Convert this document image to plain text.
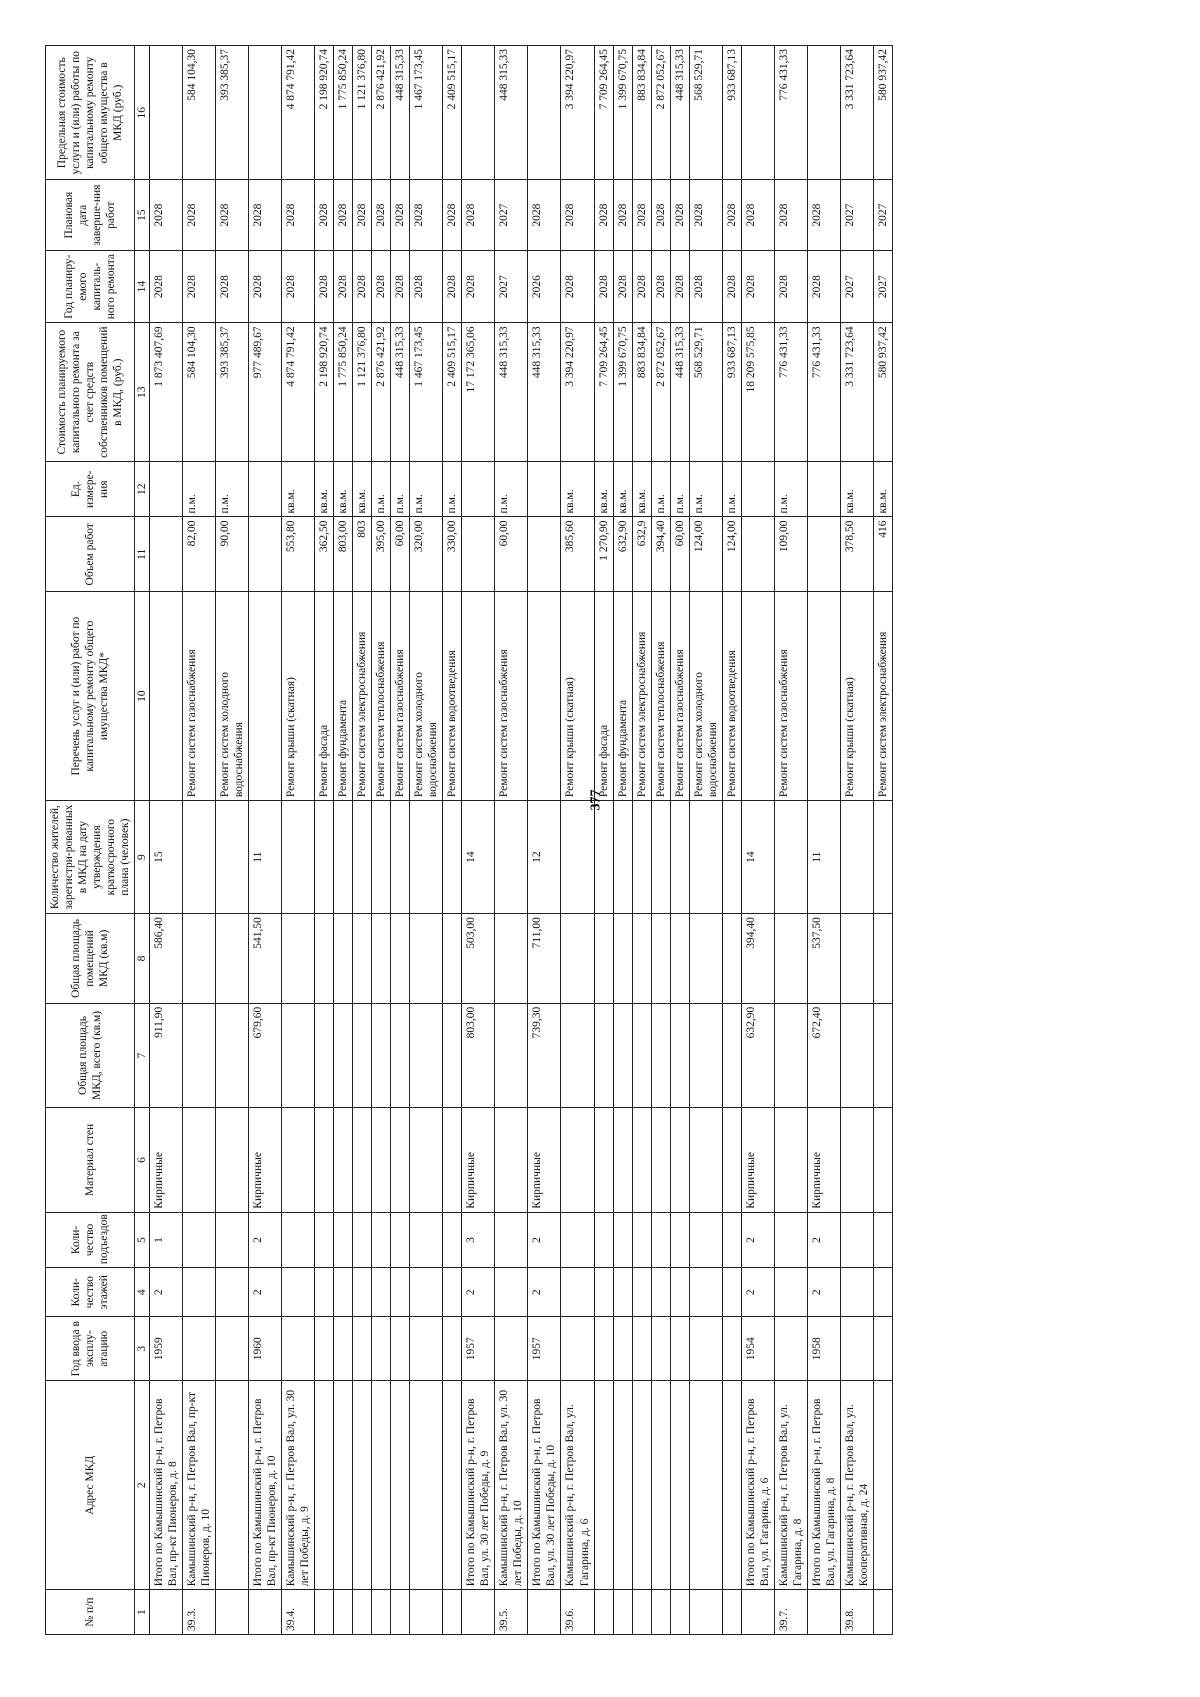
№ п/п	Адрес МКД	Год ввода в эксплу-атацию	Коли-чество этажей	Коли-чество подъездов	Материал стен	Общая площадь МКД, всего (кв.м)	Общая площадь помещений МКД (кв.м)	Количество жителей, зарегистри-рованных в МКД на дату утверждения краткосрочного плана (человек)	Перечень услуг и (или) работ по капитальному ремонту общего имущества МКД*	Объем работ	Ед. измере-ния	Стоимость планируемого капитального ремонта за счет средств собственников помещений в МКД, (руб.)	Год планиру-емого капиталь-ного ремонта	Плановая дата заверше-ния работ	Предельная стоимость услуги и (или) работы по капитальному ремонту общего имущества в МКД (руб.)
1	2	3	4	5	6	7	8	9	10	11	12	13	14	15	16
	Итого по Камышинский р-н, г. Петров Вал, пр-кт Пионеров, д. 8	1959	2	1	Кирпичные	911,90	586,40	15				1 873 407,69	2028	2028	
39.3.	Камышинский р-н, г. Петров Вал, пр-кт Пионеров, д. 10								Ремонт систем газоснабжения	82,00	п.м.	584 104,30	2028	2028	584 104,30
									Ремонт систем холодного водоснабжения	90,00	п.м.	393 385,37	2028	2028	393 385,37
	Итого по Камышинский р-н, г. Петров Вал, пр-кт Пионеров, д. 10	1960	2	2	Кирпичные	679,60	541,50	11				977 489,67	2028	2028	
39.4.	Камышинский р-н, г. Петров Вал, ул. 30 лет Победы, д. 9								Ремонт крыши (скатная)	553,80	кв.м.	4 874 791,42	2028	2028	4 874 791,42
									Ремонт фасада	362,50	кв.м.	2 198 920,74	2028	2028	2 198 920,74
									Ремонт фундамента	803,00	кв.м.	1 775 850,24	2028	2028	1 775 850,24
									Ремонт систем электроснабжения	803	кв.м.	1 121 376,80	2028	2028	1 121 376,80
									Ремонт систем теплоснабжения	395,00	п.м.	2 876 421,92	2028	2028	2 876 421,92
									Ремонт систем газоснабжения	60,00	п.м.	448 315,33	2028	2028	448 315,33
									Ремонт систем холодного водоснабжения	320,00	п.м.	1 467 173,45	2028	2028	1 467 173,45
									Ремонт систем водоотведения	330,00	п.м.	2 409 515,17	2028	2028	2 409 515,17
	Итого по Камышинский р-н, г. Петров Вал, ул. 30 лет Победы, д. 9	1957	2	3	Кирпичные	803,00	503,00	14				17 172 365,06	2028	2028	
39.5.	Камышинский р-н, г. Петров Вал, ул. 30 лет Победы, д. 10								Ремонт систем газоснабжения	60,00	п.м.	448 315,33	2027	2027	448 315,33
	Итого по Камышинский р-н, г. Петров Вал, ул. 30 лет Победы, д. 10	1957	2	2	Кирпичные	739,30	711,00	12				448 315,33	2026	2028	
39.6.	Камышинский р-н, г. Петров Вал, ул. Гагарина, д. 6								Ремонт крыши (скатная)	385,60	кв.м.	3 394 220,97	2028	2028	3 394 220,97
									Ремонт фасада	1 270,90	кв.м.	7 709 264,45	2028	2028	7 709 264,45
									Ремонт фундамента	632,90	кв.м.	1 399 670,75	2028	2028	1 399 670,75
									Ремонт систем электроснабжения	632,9	кв.м.	883 834,84	2028	2028	883 834,84
									Ремонт систем теплоснабжения	394,40	п.м.	2 872 052,67	2028	2028	2 872 052,67
									Ремонт систем газоснабжения	60,00	п.м.	448 315,33	2028	2028	448 315,33
									Ремонт систем холодного водоснабжения	124,00	п.м.	568 529,71	2028	2028	568 529,71
									Ремонт систем водоотведения	124,00	п.м.	933 687,13	2028	2028	933 687,13
	Итого по Камышинский р-н, г. Петров Вал, ул. Гагарина, д. 6	1954	2	2	Кирпичные	632,90	394,40	14				18 209 575,85	2028	2028	
39.7.	Камышинский р-н, г. Петров Вал, ул. Гагарина, д. 8								Ремонт систем газоснабжения	109,00	п.м.	776 431,33	2028	2028	776 431,33
	Итого по Камышинский р-н, г. Петров Вал, ул. Гагарина, д. 8	1958	2	2	Кирпичные	672,40	537,50	11				776 431,33	2028	2028	
39.8.	Камышинский р-н, г. Петров Вал, ул. Кооперативная, д. 24								Ремонт крыши (скатная)	378,50	кв.м.	3 331 723,64	2027	2027	3 331 723,64
									Ремонт систем электроснабжения	416	кв.м.	580 937,42	2027	2027	580 937,42
377
